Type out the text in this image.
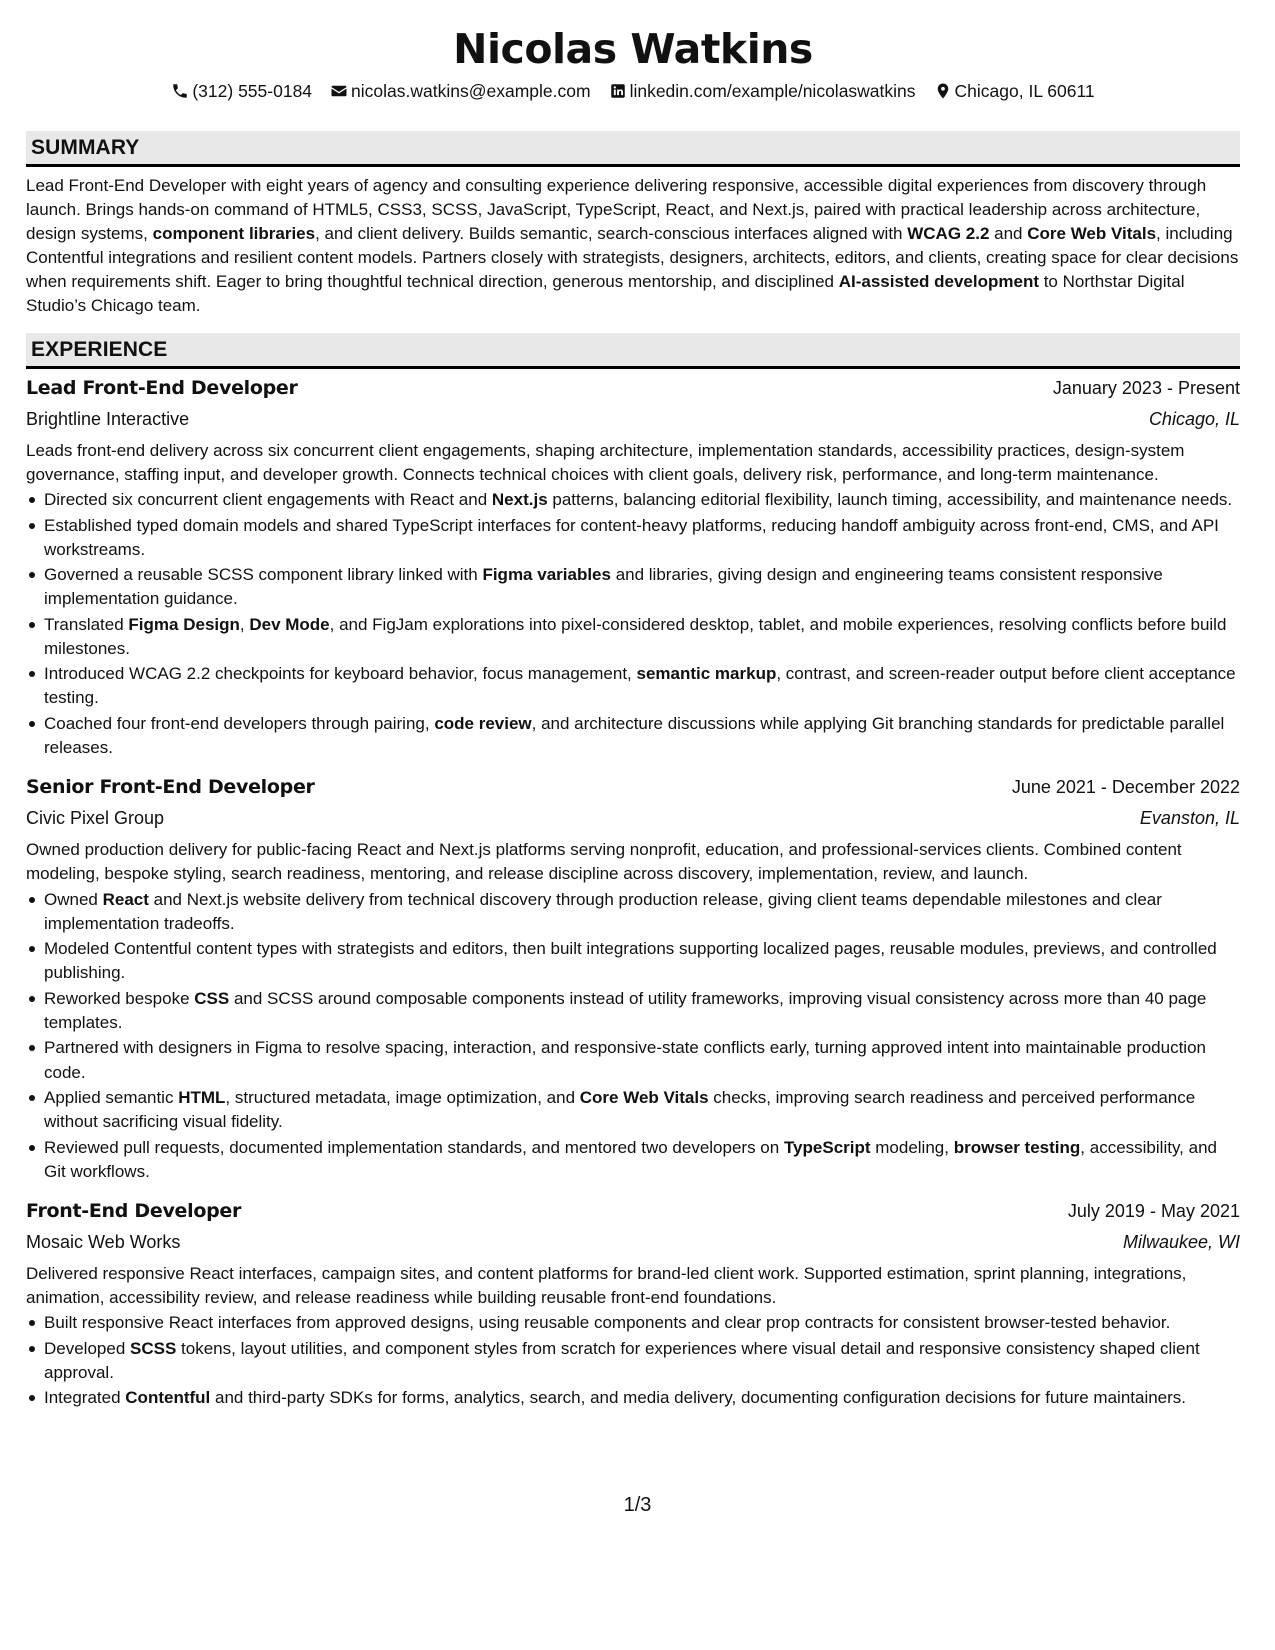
Nicolas Watkins
(312) 555-0184 nicolas.watkins@example.com linkedin.com/example/nicolaswatkins Chicago, IL 60611
SUMMARY

Lead Front-End Developer with eight years of agency and consulting experience delivering responsive, accessible digital experiences from discovery through launch. Brings hands-on command of HTML5, CSS3, SCSS, JavaScript, TypeScript, React, and Next.js, paired with practical leadership across architecture, design systems, component libraries, and client delivery. Builds semantic, search-conscious interfaces aligned with WCAG 2.2 and Core Web Vitals, including Contentful integrations and resilient content models. Partners closely with strategists, designers, architects, editors, and clients, creating space for clear decisions when requirements shift. Eager to bring thoughtful technical direction, generous mentorship, and disciplined AI-assisted development to Northstar Digital Studio’s Chicago team.

EXPERIENCE
Lead Front-End Developer	January 2023 - Present
Brightline Interactive	Chicago, IL

Leads front-end delivery across six concurrent client engagements, shaping architecture, implementation standards, accessibility practices, design-system governance, staffing input, and developer growth. Connects technical choices with client goals, delivery risk, performance, and long-term maintenance.

Directed six concurrent client engagements with React and Next.js patterns, balancing editorial flexibility, launch timing, accessibility, and maintenance needs.
Established typed domain models and shared TypeScript interfaces for content-heavy platforms, reducing handoff ambiguity across front-end, CMS, and API workstreams.
Governed a reusable SCSS component library linked with Figma variables and libraries, giving design and engineering teams consistent responsive implementation guidance.
Translated Figma Design, Dev Mode, and FigJam explorations into pixel-considered desktop, tablet, and mobile experiences, resolving conflicts before build milestones.
Introduced WCAG 2.2 checkpoints for keyboard behavior, focus management, semantic markup, contrast, and screen-reader output before client acceptance testing.
Coached four front-end developers through pairing, code review, and architecture discussions while applying Git branching standards for predictable parallel releases.
Senior Front-End Developer	June 2021 - December 2022
Civic Pixel Group	Evanston, IL

Owned production delivery for public-facing React and Next.js platforms serving nonprofit, education, and professional-services clients. Combined content modeling, bespoke styling, search readiness, mentoring, and release discipline across discovery, implementation, review, and launch.

Owned React and Next.js website delivery from technical discovery through production release, giving client teams dependable milestones and clear implementation tradeoffs.
Modeled Contentful content types with strategists and editors, then built integrations supporting localized pages, reusable modules, previews, and controlled publishing.
Reworked bespoke CSS and SCSS around composable components instead of utility frameworks, improving visual consistency across more than 40 page templates.
Partnered with designers in Figma to resolve spacing, interaction, and responsive-state conflicts early, turning approved intent into maintainable production code.
Applied semantic HTML, structured metadata, image optimization, and Core Web Vitals checks, improving search readiness and perceived performance without sacrificing visual fidelity.
Reviewed pull requests, documented implementation standards, and mentored two developers on TypeScript modeling, browser testing, accessibility, and Git workflows.
Front-End Developer	July 2019 - May 2021
Mosaic Web Works	Milwaukee, WI

Delivered responsive React interfaces, campaign sites, and content platforms for brand-led client work. Supported estimation, sprint planning, integrations, animation, accessibility review, and release readiness while building reusable front-end foundations.

Built responsive React interfaces from approved designs, using reusable components and clear prop contracts for consistent browser-tested behavior.
Developed SCSS tokens, layout utilities, and component styles from scratch for experiences where visual detail and responsive consistency shaped client approval.
Integrated Contentful and third-party SDKs for forms, analytics, search, and media delivery, documenting configuration decisions for future maintainers.
1/3
